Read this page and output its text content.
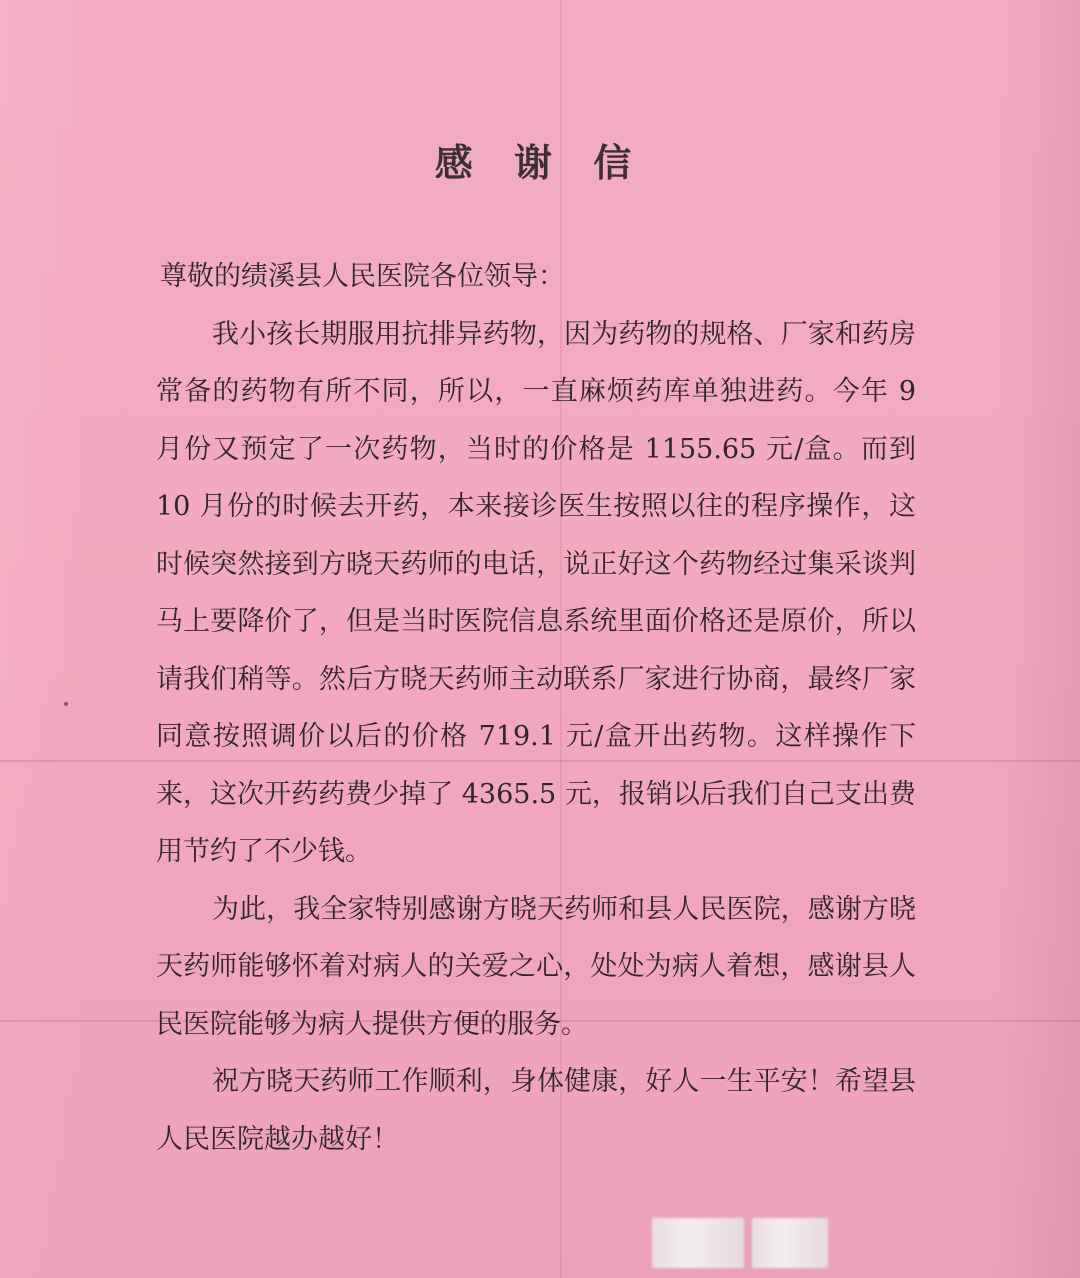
感 谢 信

尊敬的绩溪县人民医院各位领导：

我小孩长期服用抗排异药物，因为药物的规格、厂家和药房常备的药物有所不同，所以，一直麻烦药库单独进药。今年 9 月份又预定了一次药物，当时的价格是 1155.65 元/盒。而到 10 月份的时候去开药，本来接诊医生按照以往的程序操作，这时候突然接到方晓天药师的电话，说正好这个药物经过集采谈判马上要降价了，但是当时医院信息系统里面价格还是原价，所以请我们稍等。然后方晓天药师主动联系厂家进行协商，最终厂家同意按照调价以后的价格 719.1 元/盒开出药物。这样操作下来，这次开药药费少掉了 4365.5 元，报销以后我们自己支出费用节约了不少钱。

为此，我全家特别感谢方晓天药师和县人民医院，感谢方晓天药师能够怀着对病人的关爱之心，处处为病人着想，感谢县人民医院能够为病人提供方便的服务。

祝方晓天药师工作顺利，身体健康，好人一生平安！希望县人民医院越办越好！
